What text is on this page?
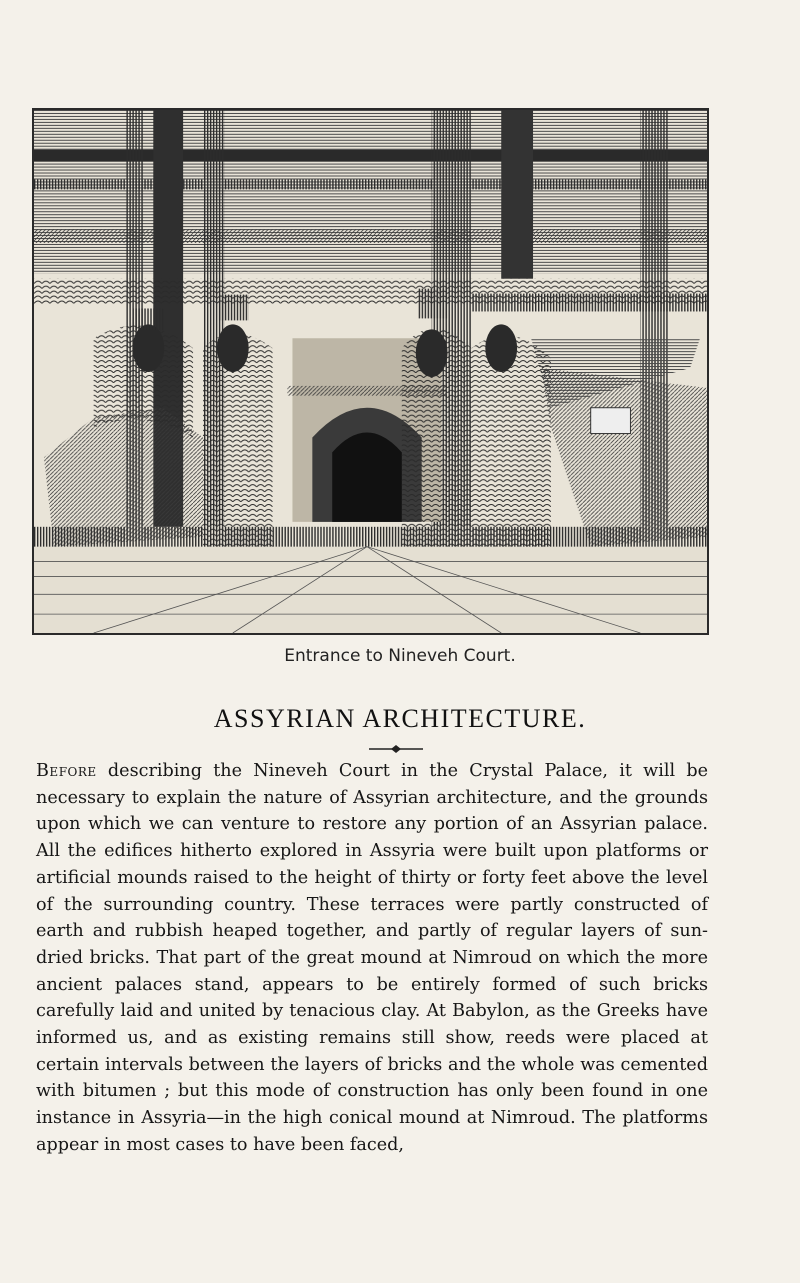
Entrance to Nineveh Court.
ASSYRIAN ARCHITECTURE.

Before describing the Nineveh Court in the Crystal Palace, it will be necessary to explain the nature of Assyrian architecture, and the grounds upon which we can venture to restore any portion of an Assyrian palace. All the edifices hitherto explored in Assyria were built upon platforms or artificial mounds raised to the height of thirty or forty feet above the level of the surrounding country. These terraces were partly constructed of earth and rubbish heaped together, and partly of regular layers of sun-dried bricks. That part of the great mound at Nimroud on which the more ancient palaces stand, appears to be entirely formed of such bricks carefully laid and united by tenacious clay. At Babylon, as the Greeks have informed us, and as existing remains still show, reeds were placed at certain intervals between the layers of bricks and the whole was cemented with bitumen ; but this mode of construction has only been found in one instance in Assyria—in the high conical mound at Nimroud. The platforms appear in most cases to have been faced,
